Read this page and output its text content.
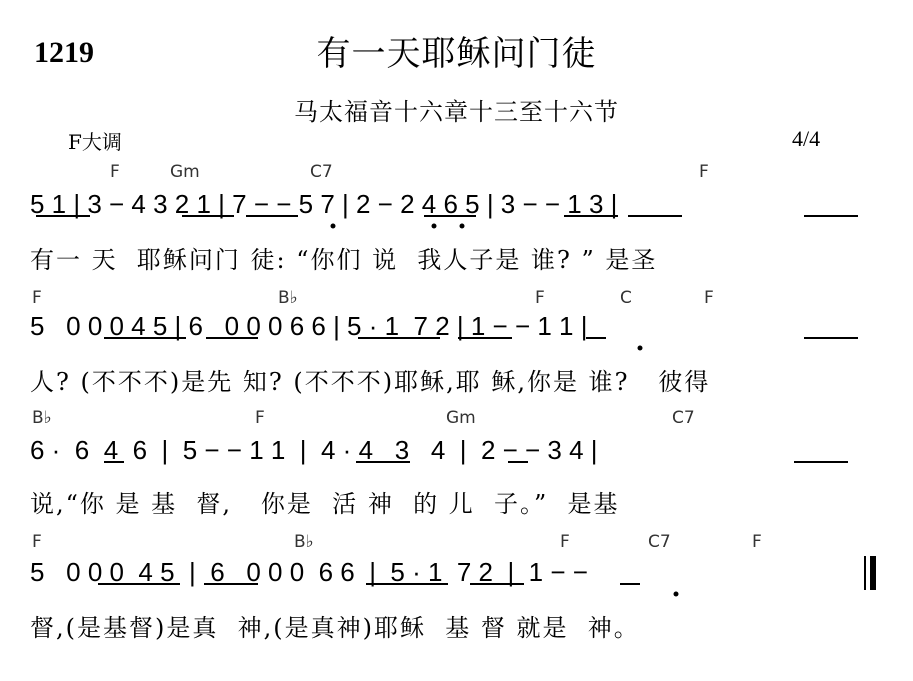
1219	有一天耶稣问门徒
马太福音十六章十三至十六节
F大调	4/4
F	Gm	C7	F
5 1 | 3 − 4 3 2 1 | 7 − − 5 7 | 2 − 2 4 6 5 | 3 − − 1 3 |
有一 天  耶稣问门 徒: “你们 说  我人子是 谁? ” 是圣
F	B♭	F	C	F
5   0 0 0 4 5 | 6   0 0 0 6 6 | 5 · 1  7 2 | 1 − − 1 1 |
人? (不不不)是先 知? (不不不)耶稣,耶 稣,你是 谁?   彼得
B♭	F	Gm	C7
6 ·  6  4  6  |  5 − − 1 1  |  4 · 4   3   4  |  2 − − 3 4 |
说,“你 是 基  督,   你是  活 神  的 儿  子。”  是基
F	B♭	F	C7	F
5   0 0 0  4 5  |  6   0 0 0  6 6  |  5 · 1  7 2  |  1 − −
督,(是基督)是真  神,(是真神)耶稣  基 督 就是  神。
